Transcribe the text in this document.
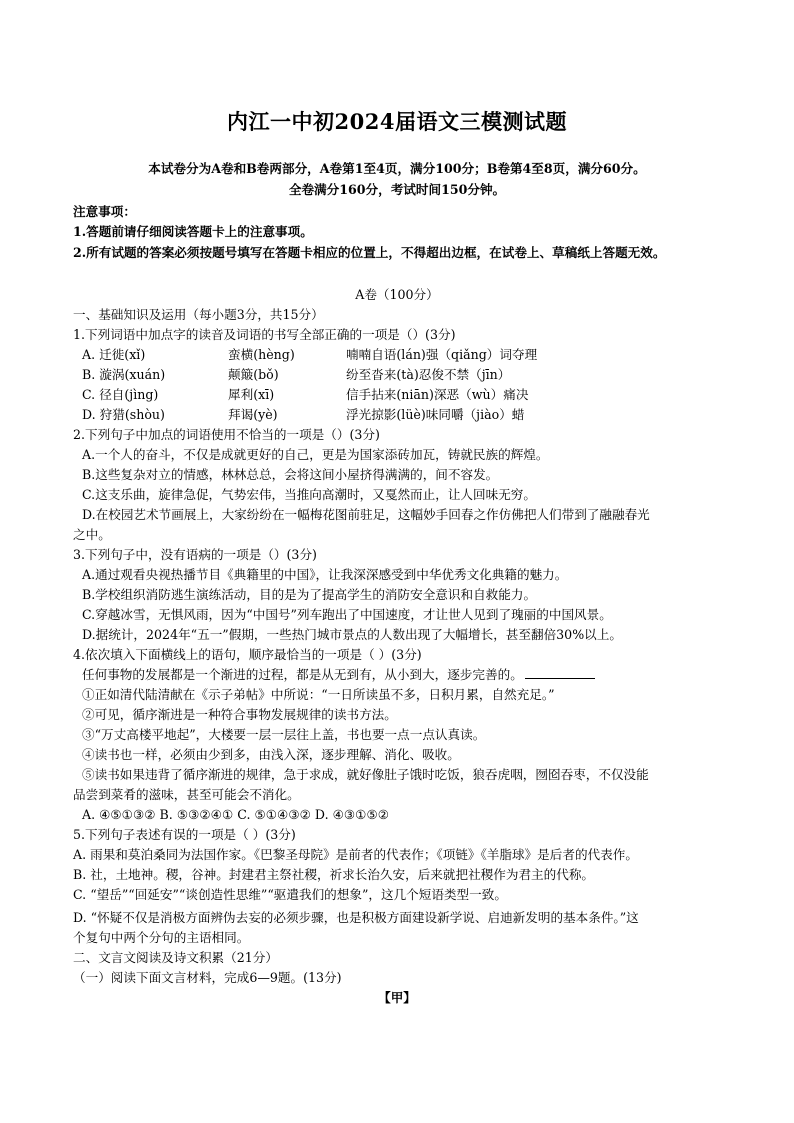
内江一中初2024届语文三模测试题
本试卷分为A卷和B卷两部分，A卷第1至4页，满分100分；B卷第4至8页，满分60分。
全卷满分160分，考试时间150分钟。
注意事项：
1.答题前请仔细阅读答题卡上的注意事项。
2.所有试题的答案必须按题号填写在答题卡相应的位置上，不得超出边框，在试卷上、草稿纸上答题无效。
A卷（100分）
一、基础知识及运用（每小题3分，共15分）
1.下列词语中加点字的读音及词语的书写全部正确的一项是（）(3分)
A. 迁徙(xǐ)	蛮横(hèng)	喃喃自语(lán)强（qiǎng）词夺理
B. 漩涡(xuán)	颠簸(bǒ)	纷至沓来(tà)忍俊不禁（jīn）
C. 径自(jìng)	犀利(xī)	信手拈来(niān)深恶（wù）痛决
D. 狩猎(shòu)	拜谒(yè)	浮光掠影(lüè)味同嚼（jiào）蜡
2.下列句子中加点的词语使用不恰当的一项是（）(3分)
A.一个人的奋斗，不仅是成就更好的自己，更是为国家添砖加瓦，铸就民族的辉煌。
B.这些复杂对立的情感，林林总总，会将这间小屋挤得满满的，间不容发。
C.这支乐曲，旋律急促，气势宏伟，当推向高潮时，又戛然而止，让人回味无穷。
D.在校园艺术节画展上，大家纷纷在一幅梅花图前驻足，这幅妙手回春之作仿佛把人们带到了融融春光
之中。
3.下列句子中，没有语病的一项是（）(3分)
A.通过观看央视热播节目《典籍里的中国》，让我深深感受到中华优秀文化典籍的魅力。
B.学校组织消防逃生演练活动，目的是为了提高学生的消防安全意识和自救能力。
C.穿越冰雪，无惧风雨，因为“中国号”列车跑出了中国速度，才让世人见到了瑰丽的中国风景。
D.据统计，2024年“五一”假期，一些热门城市景点的人数出现了大幅增长，甚至翻倍30%以上。
4.依次填入下面横线上的语句，顺序最恰当的一项是（ ）(3分)
任何事物的发展都是一个渐进的过程，都是从无到有，从小到大，逐步完善的。
①正如清代陆清献在《示子弟帖》中所说：“一日所读虽不多，日积月累，自然充足。”
②可见，循序渐进是一种符合事物发展规律的读书方法。
③“万丈高楼平地起”，大楼要一层一层往上盖，书也要一点一点认真读。
④读书也一样，必须由少到多，由浅入深，逐步理解、消化、吸收。
⑤读书如果违背了循序渐进的规律，急于求成，就好像肚子饿时吃饭，狼吞虎咽，囫囵吞枣，不仅没能
品尝到菜肴的滋味，甚至可能会不消化。
A. ④⑤①③② B. ⑤③②④① C. ⑤①④③② D. ④③①⑤②
5.下列句子表述有误的一项是（ ）(3分)
A. 雨果和莫泊桑同为法国作家。《巴黎圣母院》是前者的代表作；《项链》《羊脂球》是后者的代表作。
B. 社，土地神。稷，谷神。封建君主祭社稷，祈求长治久安，后来就把社稷作为君主的代称。
C. “望岳”“回延安”“谈创造性思维”“驱遣我们的想象”，这几个短语类型一致。
D. “怀疑不仅是消极方面辨伪去妄的必须步骤，也是积极方面建设新学说、启迪新发明的基本条件。”这
个复句中两个分句的主语相同。
二、文言文阅读及诗文积累（21分）
（一）阅读下面文言材料，完成6—9题。(13分)
【甲】
